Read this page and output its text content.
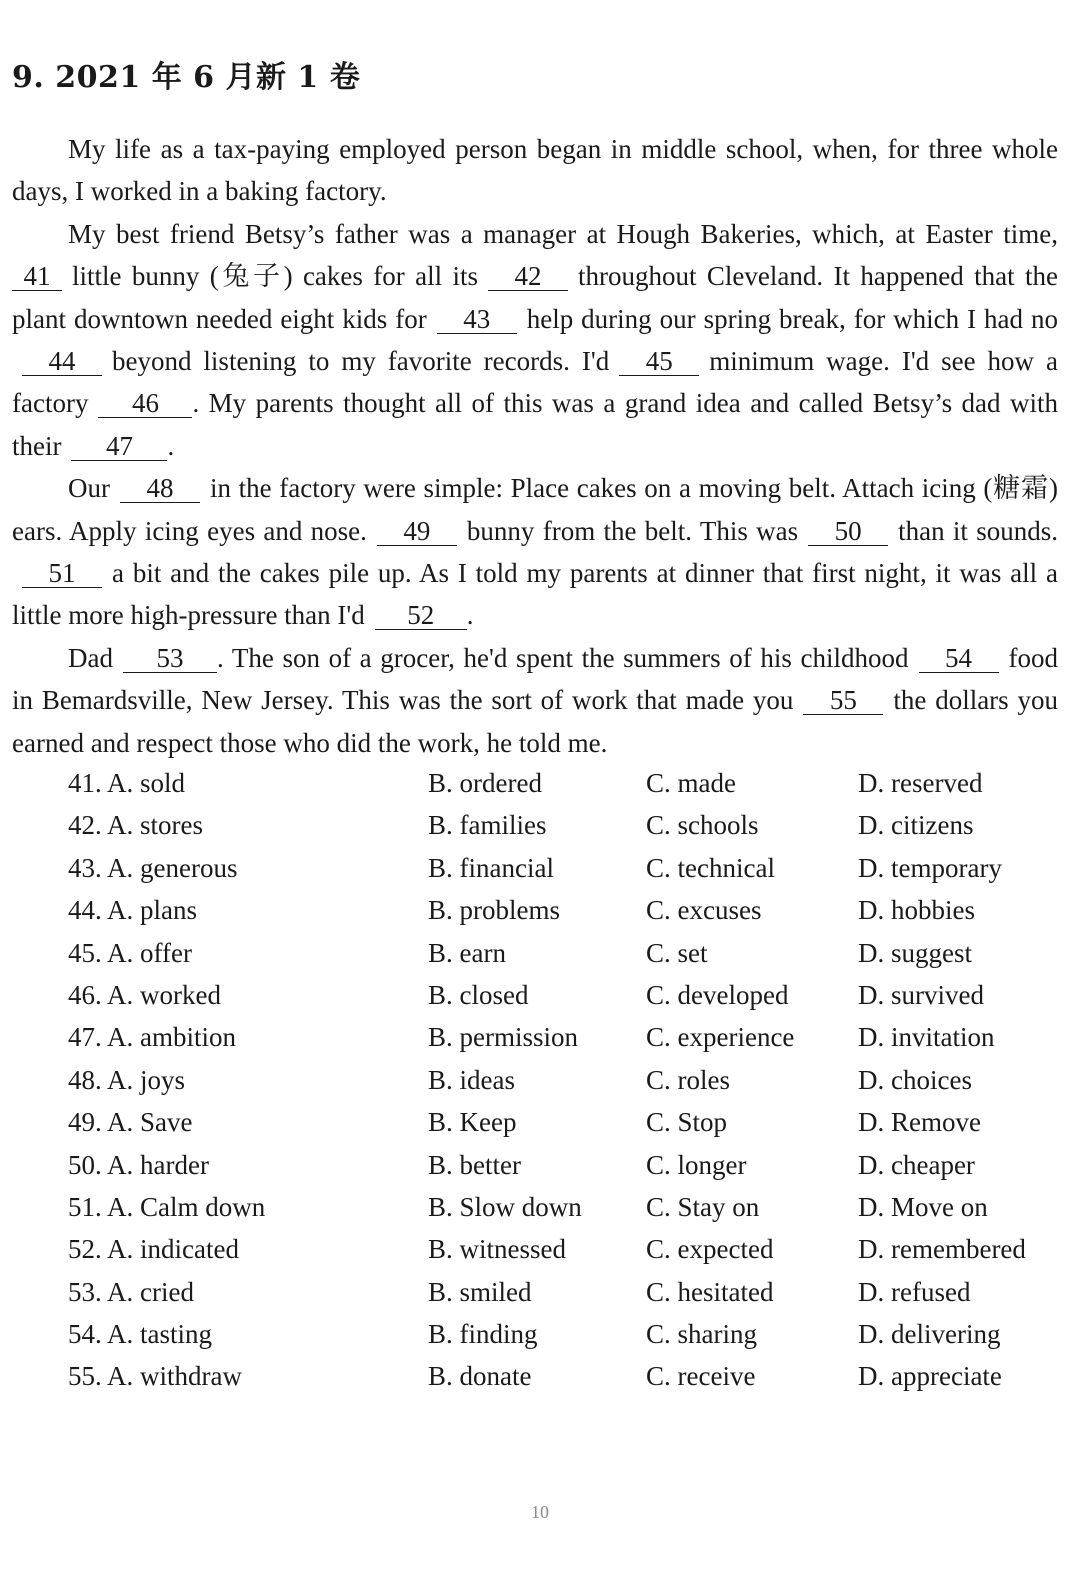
9. 2021 年 6 月新 1 卷

My life as a tax-paying employed person began in middle school, when, for three whole days, I worked in a baking factory.

My best friend Betsy’s father was a manager at Hough Bakeries, which, at Easter time, 41 little bunny (兔子) cakes for all its 42 throughout Cleveland. It happened that the plant downtown needed eight kids for 43 help during our spring break, for which I had no44 beyond listening to my favorite records. I'd 45 minimum wage. I'd see how a factory 46 . My parents thought all of this was a grand idea and called Betsy’s dad with their 47 .

Our 48 in the factory were simple: Place cakes on a moving belt. Attach icing (糖霜) ears. Apply icing eyes and nose. 49 bunny from the belt. This was 50 than it sounds.51 a bit and the cakes pile up. As I told my parents at dinner that first night, it was all a little more high-pressure than I'd 52 .

Dad 53 . The son of a grocer, he'd spent the summers of his childhood 54 food in Bemardsville, New Jersey. This was the sort of work that made you 55 the dollars you earned and respect those who did the work, he told me.

41. A. sold	B. ordered	C. made	D. reserved
42. A. stores	B. families	C. schools	D. citizens
43. A. generous	B. financial	C. technical	D. temporary
44. A. plans	B. problems	C. excuses	D. hobbies
45. A. offer	B. earn	C. set	D. suggest
46. A. worked	B. closed	C. developed	D. survived
47. A. ambition	B. permission	C. experience D. invitation
48. A. joys	B. ideas	C. roles	D. choices
49. A. Save	B. Keep	C. Stop	D. Remove
50. A. harder	B. better	C. longer	D. cheaper
51. A. Calm down	B. Slow down C. Stay on	D. Move on
52. A. indicated	B. witnessed	C. expected	D. remembered
53. A. cried	B. smiled	C. hesitated	D. refused
54. A. tasting	B. finding	C. sharing	D. delivering
55. A. withdraw	B. donate	C. receive	D. appreciate
10
